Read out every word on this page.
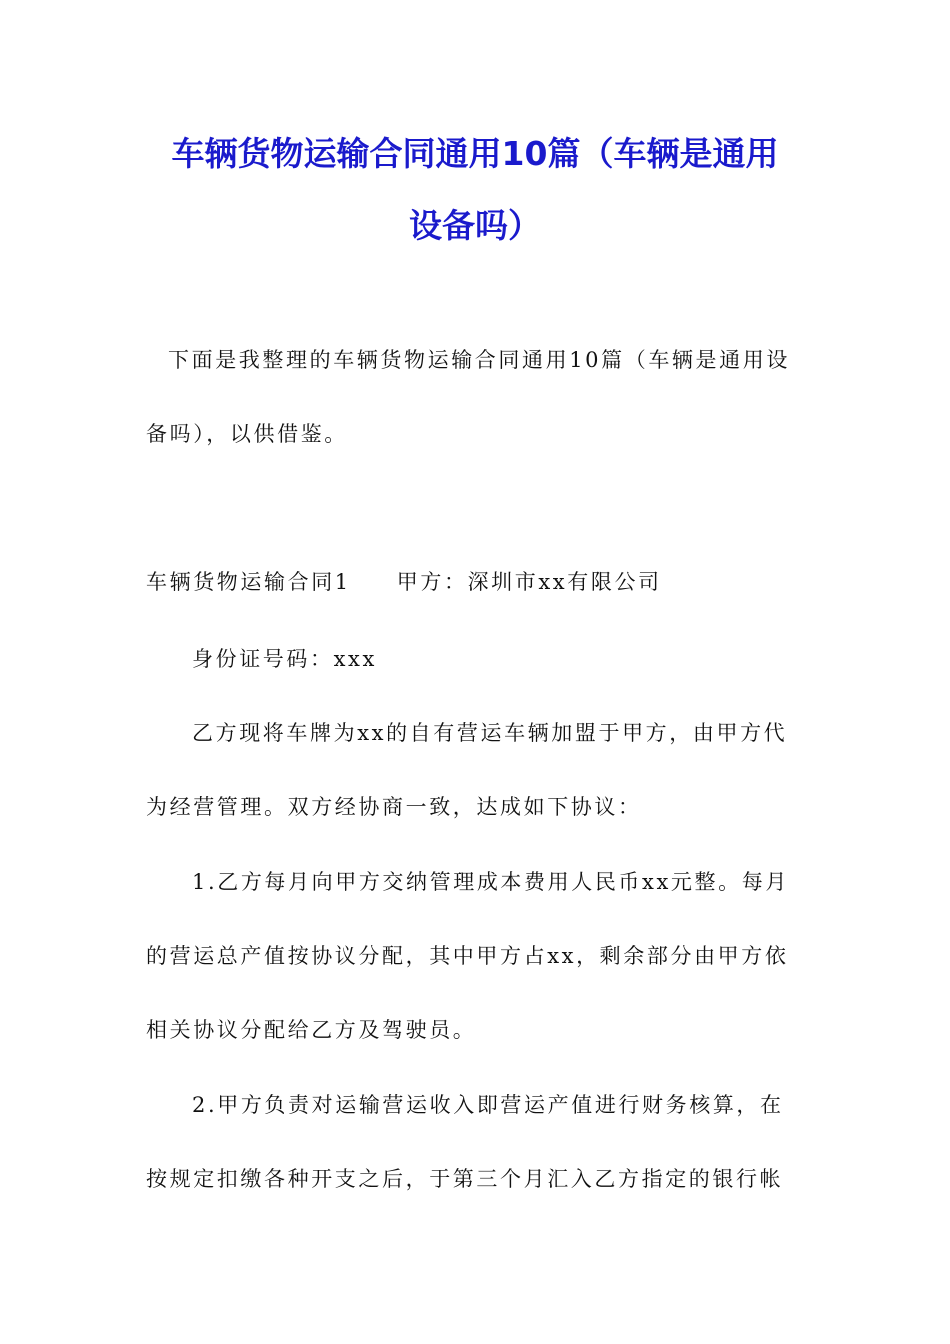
车辆货物运输合同通用10篇（车辆是通用
设备吗）
下面是我整理的车辆货物运输合同通用10篇（车辆是通用设
备吗），以供借鉴。
车辆货物运输合同1 甲方：深圳市xx有限公司
身份证号码：xxx
乙方现将车牌为xx的自有营运车辆加盟于甲方，由甲方代
为经营管理。双方经协商一致，达成如下协议：
1.乙方每月向甲方交纳管理成本费用人民币xx元整。每月
的营运总产值按协议分配，其中甲方占xx，剩余部分由甲方依
相关协议分配给乙方及驾驶员。
2.甲方负责对运输营运收入即营运产值进行财务核算，在
按规定扣缴各种开支之后，于第三个月汇入乙方指定的银行帐
